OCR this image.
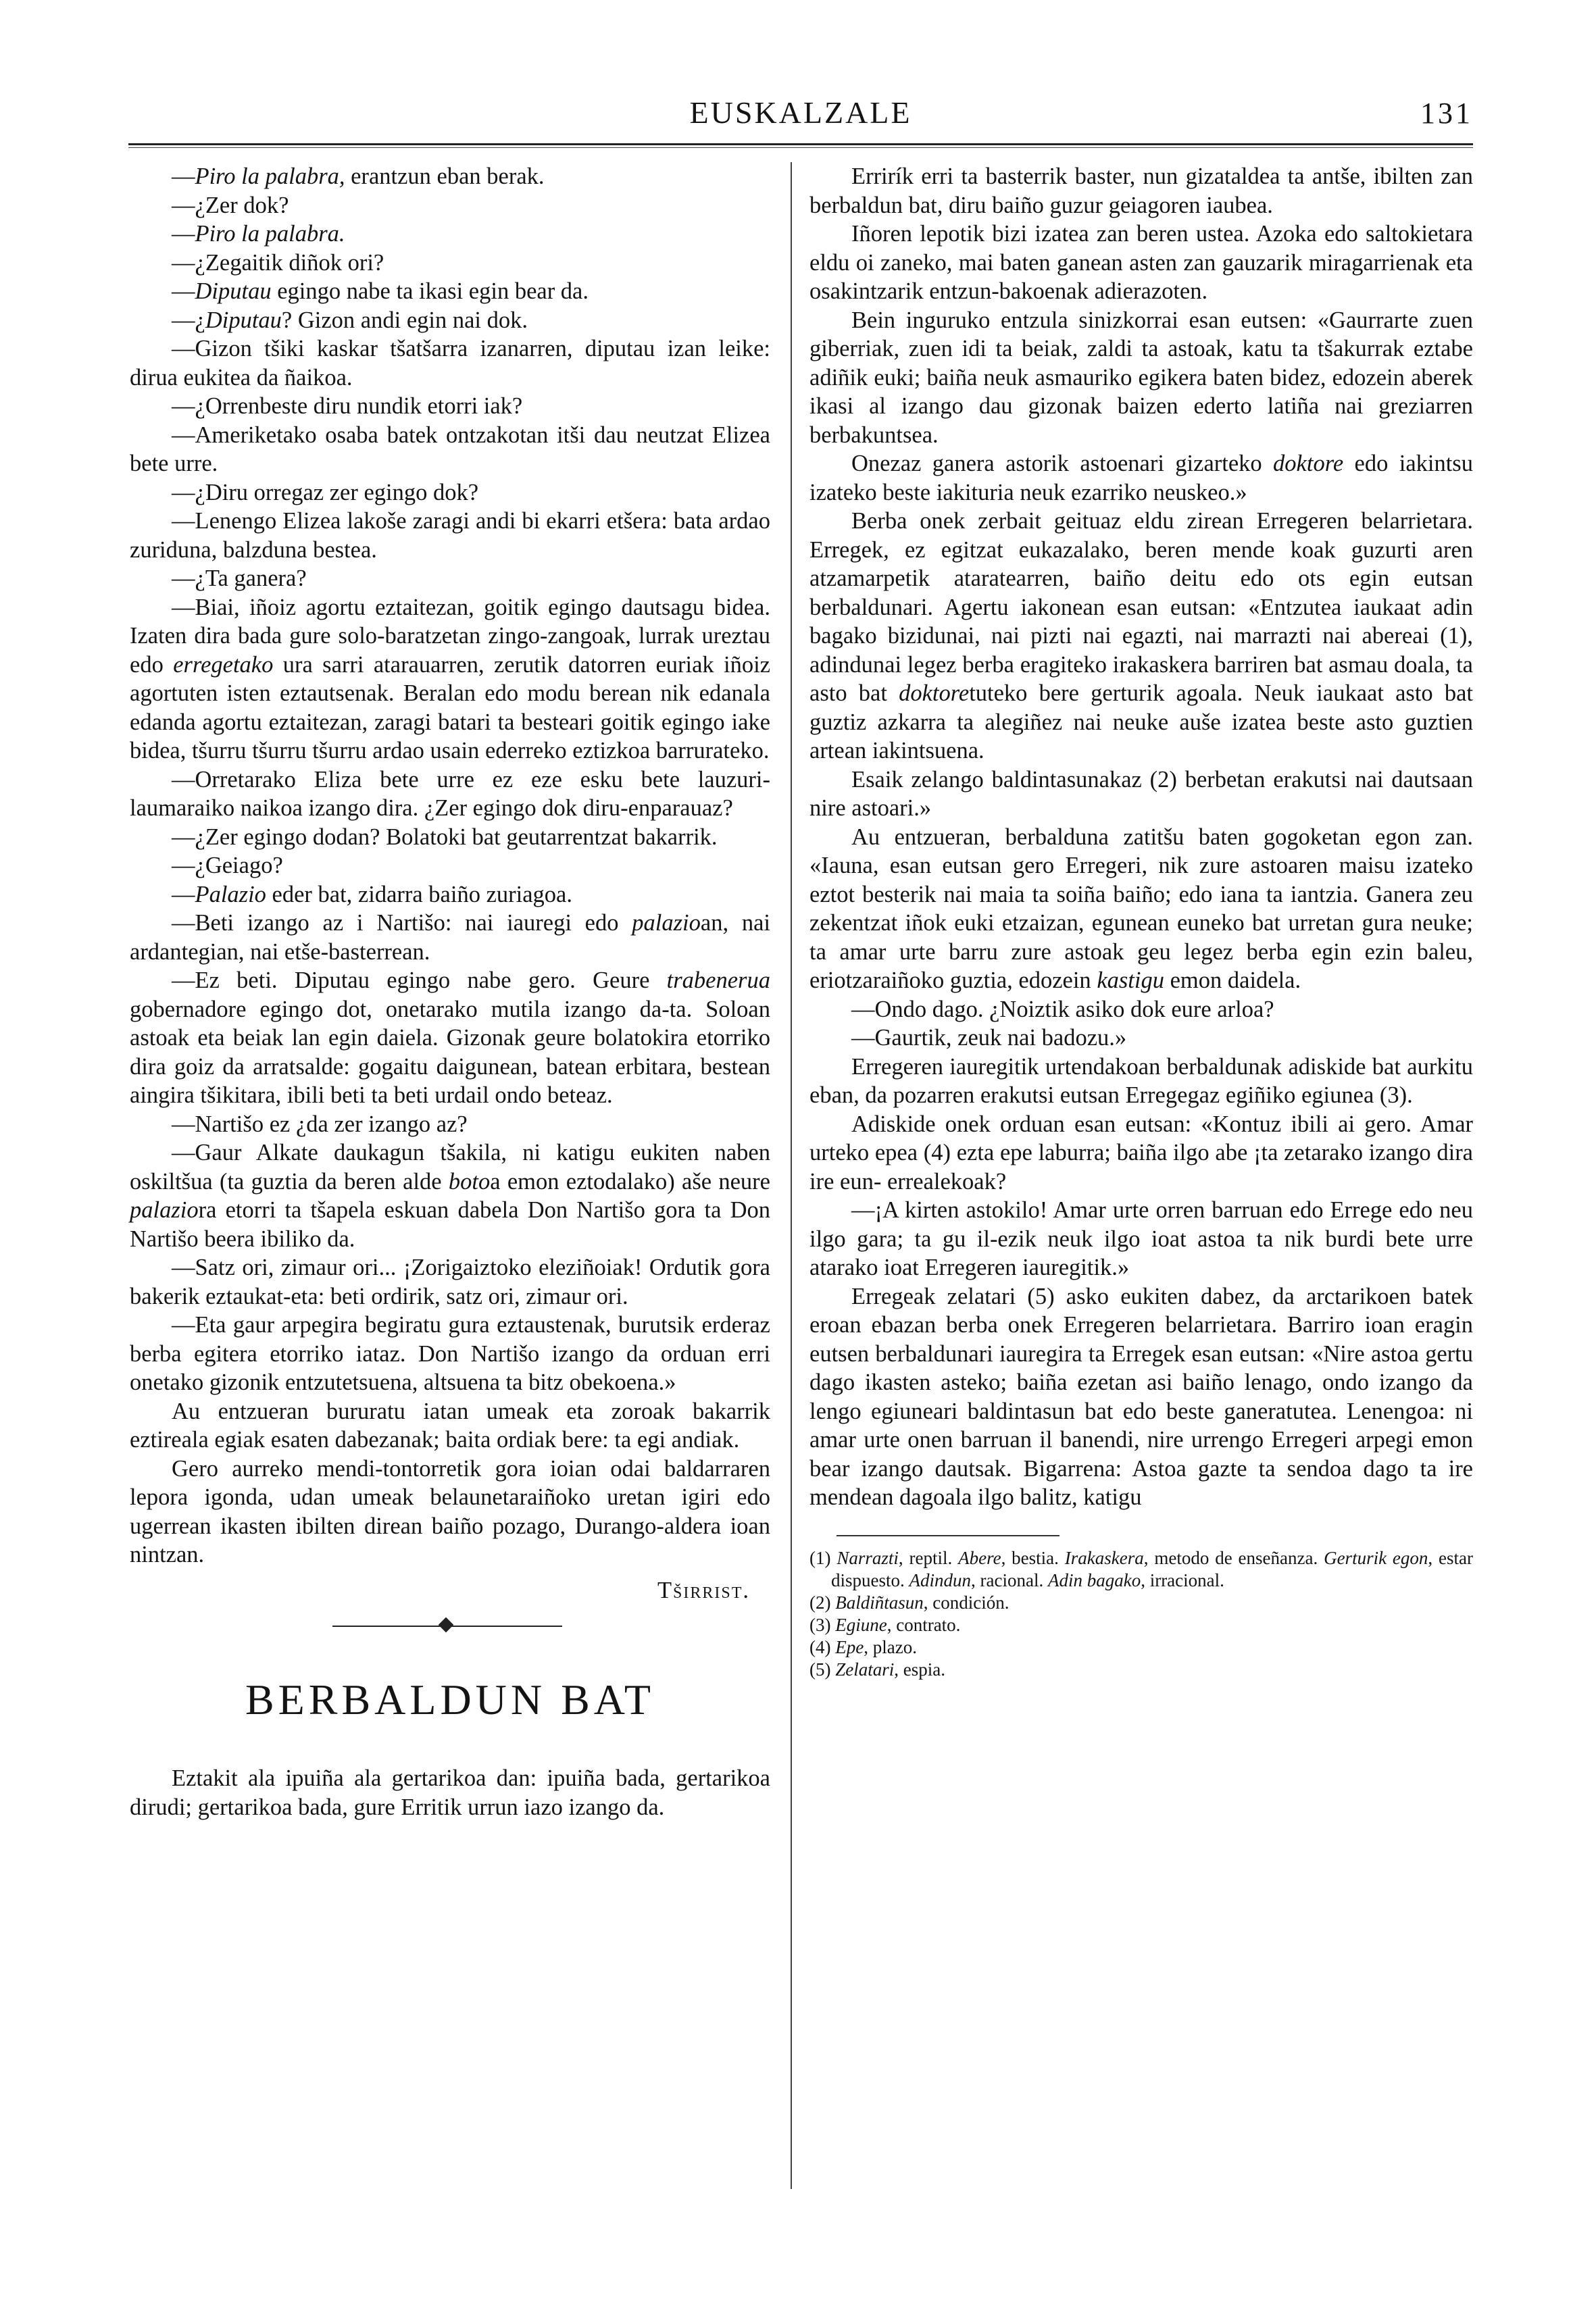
EUSKALZALE	131

—Piro la palabra, erantzun eban berak.

—¿Zer dok?

—Piro la palabra.

—¿Zegaitik diñok ori?

—Diputau egingo nabe ta ikasi egin bear da.

—¿Diputau? Gizon andi egin nai dok.

—Gizon tšiki kaskar tšatšarra izanarren, diputau izan leike: dirua eukitea da ñaikoa.

—¿Orrenbeste diru nundik etorri iak?

—Ameriketako osaba batek ontzakotan itši dau neutzat Elizea bete urre.

—¿Diru orregaz zer egingo dok?

—Lenengo Elizea lakoše zaragi andi bi ekarri etšera: bata ardao zuriduna, balzduna bestea.

—¿Ta ganera?

—Biai, iñoiz agortu eztaitezan, goitik egingo dautsagu bidea. Izaten dira bada gure solo-baratzetan zingo-zangoak, lurrak ureztau edo erregetako ura sarri atarauarren, zerutik datorren euriak iñoiz agortuten isten eztautsenak. Beralan edo modu berean nik edanala edanda agortu eztaitezan, zaragi batari ta besteari goitik egingo iake bidea, tšurru tšurru tšurru ardao usain ederreko eztizkoa barrurateko.

—Orretarako Eliza bete urre ez eze esku bete lauzuri-laumaraiko naikoa izango dira. ¿Zer egingo dok diru-enparauaz?

—¿Zer egingo dodan? Bolatoki bat geutarrentzat bakarrik.

—¿Geiago?

—Palazio eder bat, zidarra baiño zuriagoa.

—Beti izango az i Nartišo: nai iauregi edo palazioan, nai ardantegian, nai etše-basterrean.

—Ez beti. Diputau egingo nabe gero. Geure trabenerua gobernadore egingo dot, onetarako mutila izango da-ta. Soloan astoak eta beiak lan egin daiela. Gizonak geure bolatokira etorriko dira goiz da arratsalde: gogaitu daigunean, batean erbitara, bestean aingira tšikitara, ibili beti ta beti urdail ondo beteaz.

—Nartišo ez ¿da zer izango az?

—Gaur Alkate daukagun tšakila, ni katigu eukiten naben oskiltšua (ta guztia da beren alde botoa emon eztodalako) aše neure palaziora etorri ta tšapela eskuan dabela Don Nartišo gora ta Don Nartišo beera ibiliko da.

—Satz ori, zimaur ori... ¡Zorigaiztoko eleziñoiak! Ordutik gora bakerik eztaukat-eta: beti ordirik, satz ori, zimaur ori.

—Eta gaur arpegira begiratu gura eztaustenak, burutsik erderaz berba egitera etorriko iataz. Don Nartišo izango da orduan erri onetako gizonik entzutetsuena, altsuena ta bitz obekoena.»

Au entzueran bururatu iatan umeak eta zoroak bakarrik eztireala egiak esaten dabezanak; baita ordiak bere: ta egi andiak.

Gero aurreko mendi-tontorretik gora ioian odai baldarraren lepora igonda, udan umeak belaunetaraiñoko uretan igiri edo ugerrean ikasten ibilten direan baiño pozago, Durango-aldera ioan nintzan.

Tširrist.

BERBALDUN BAT

Eztakit ala ipuiña ala gertarikoa dan: ipuiña bada, gertarikoa dirudi; gertarikoa bada, gure Erritik urrun iazo izango da.

Errirík erri ta basterrik baster, nun gizataldea ta antše, ibilten zan berbaldun bat, diru baiño guzur geiagoren iaubea.

Iñoren lepotik bizi izatea zan beren ustea. Azoka edo saltokietara eldu oi zaneko, mai baten ganean asten zan gauzarik miragarrienak eta osakintzarik entzun-bakoenak adierazoten.

Bein inguruko entzula sinizkorrai esan eutsen: «Gaurrarte zuen giberriak, zuen idi ta beiak, zaldi ta astoak, katu ta tšakurrak eztabe adiñik euki; baiña neuk asmauriko egikera baten bidez, edozein aberek ikasi al izango dau gizonak baizen ederto latiña nai greziarren berbakuntsea.

Onezaz ganera astorik astoenari gizarteko doktore edo iakintsu izateko beste iakituria neuk ezarriko neuskeo.»

Berba onek zerbait geituaz eldu zirean Erregeren belarrietara. Erregek, ez egitzat eukazalako, beren mende koak guzurti aren atzamarpetik ataratearren, baiño deitu edo ots egin eutsan berbaldunari. Agertu iakonean esan eutsan: «Entzutea iaukaat adin bagako bizidunai, nai pizti nai egazti, nai marrazti nai abereai (1), adindunai legez berba eragiteko irakaskera barriren bat asmau doala, ta asto bat doktoretuteko bere gerturik agoala. Neuk iaukaat asto bat guztiz azkarra ta alegiñez nai neuke auše izatea beste asto guztien artean iakintsuena.

Esaik zelango baldintasunakaz (2) berbetan erakutsi nai dautsaan nire astoari.»

Au entzueran, berbalduna zatitšu baten gogoketan egon zan. «Iauna, esan eutsan gero Erregeri, nik zure astoaren maisu izateko eztot besterik nai maia ta soiña baiño; edo iana ta iantzia. Ganera zeu zekentzat iñok euki etzaizan, egunean euneko bat urretan gura neuke; ta amar urte barru zure astoak geu legez berba egin ezin baleu, eriotzaraiñoko guztia, edozein kastigu emon daidela.

—Ondo dago. ¿Noiztik asiko dok eure arloa?

—Gaurtik, zeuk nai badozu.»

Erregeren iauregitik urtendakoan berbaldunak adiskide bat aurkitu eban, da pozarren erakutsi eutsan Erregegaz egiñiko egiunea (3).

Adiskide onek orduan esan eutsan: «Kontuz ibili ai gero. Amar urteko epea (4) ezta epe laburra; baiña ilgo abe ¡ta zetarako izango dira ire eun- errealekoak?

—¡A kirten astokilo! Amar urte orren barruan edo Errege edo neu ilgo gara; ta gu il-ezik neuk ilgo ioat astoa ta nik burdi bete urre atarako ioat Erregeren iauregitik.»

Erregeak zelatari (5) asko eukiten dabez, da arctarikoen batek eroan ebazan berba onek Erregeren belarrietara. Barriro ioan eragin eutsen berbaldunari iauregira ta Erregek esan eutsan: «Nire astoa gertu dago ikasten asteko; baiña ezetan asi baiño lenago, ondo izango da lengo egiuneari baldintasun bat edo beste ganeratutea. Lenengoa: ni amar urte onen barruan il banendi, nire urrengo Erregeri arpegi emon bear izango dautsak. Bigarrena: Astoa gazte ta sendoa dago ta ire mendean dagoala ilgo balitz, katigu

(1) Narrazti, reptil. Abere, bestia. Irakaskera, metodo de enseñanza. Gerturik egon, estar dispuesto. Adindun, racional. Adin bagako, irracional.

(2) Baldiñtasun, condición.

(3) Egiune, contrato.

(4) Epe, plazo.

(5) Zelatari, espia.
